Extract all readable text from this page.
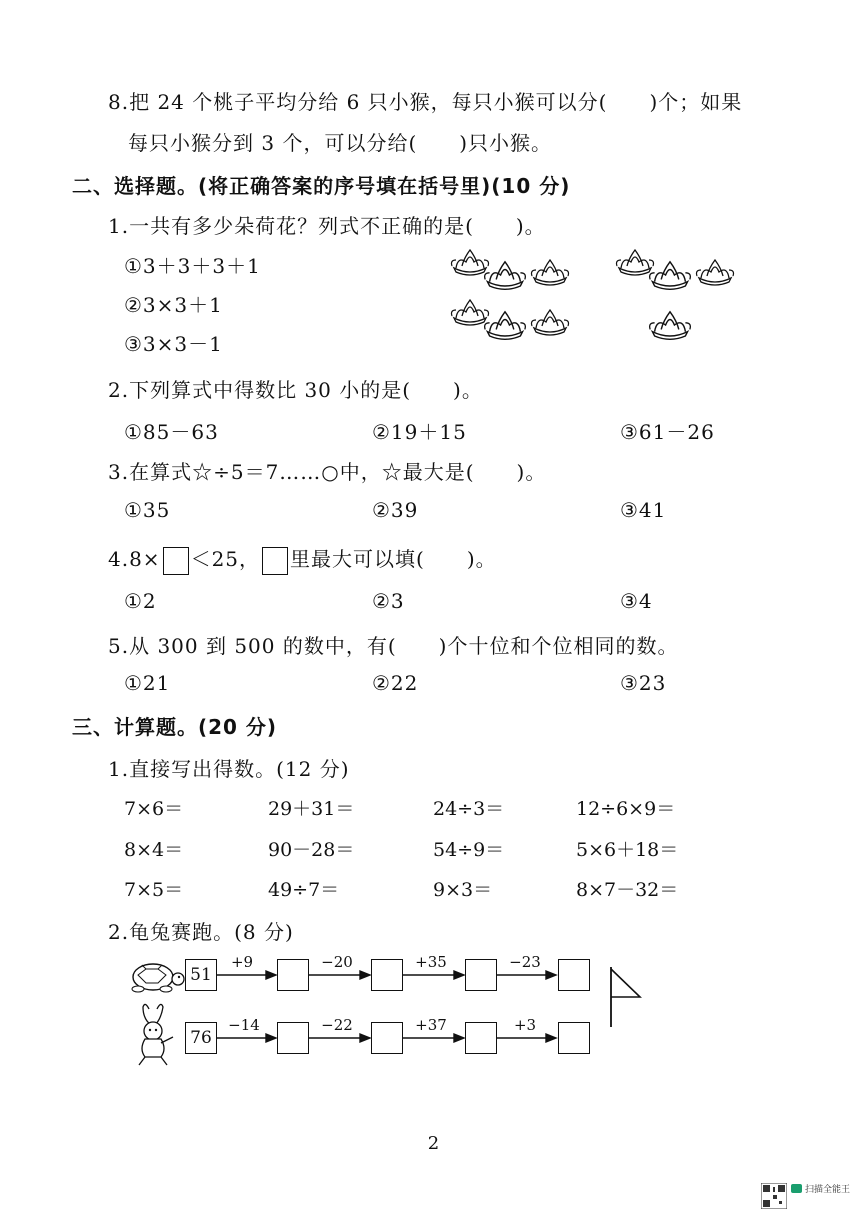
8.把 24 个桃子平均分给 6 只小猴，每只小猴可以分(　　)个；如果
每只小猴分到 3 个，可以分给(　　)只小猴。
二、选择题。(将正确答案的序号填在括号里)(10 分)
1.一共有多少朵荷花？列式不正确的是(　　)。
①3＋3＋3＋1
②3×3＋1
③3×3－1
2.下列算式中得数比 30 小的是(　　)。
①85－63	②19＋15	③61－26
3.在算式☆÷5＝7……○中，☆最大是(　　)。
①35	②39	③41
4.8× ＜25， 里最大可以填(　　)。
①2	②3	③4
5.从 300 到 500 的数中，有(　　)个十位和个位相同的数。
①21	②22	③23
三、计算题。(20 分)
1.直接写出得数。(12 分)
7×6＝	29＋31＝	24÷3＝	12÷6×9＝
8×4＝	90－28＝	54÷9＝	5×6＋18＝
7×5＝	49÷7＝	9×3＝	8×7－32＝
2.龟兔赛跑。(8 分)
51
+9	−20	+35	−23
76
−14	−22	+37	+3
2
扫描全能王
